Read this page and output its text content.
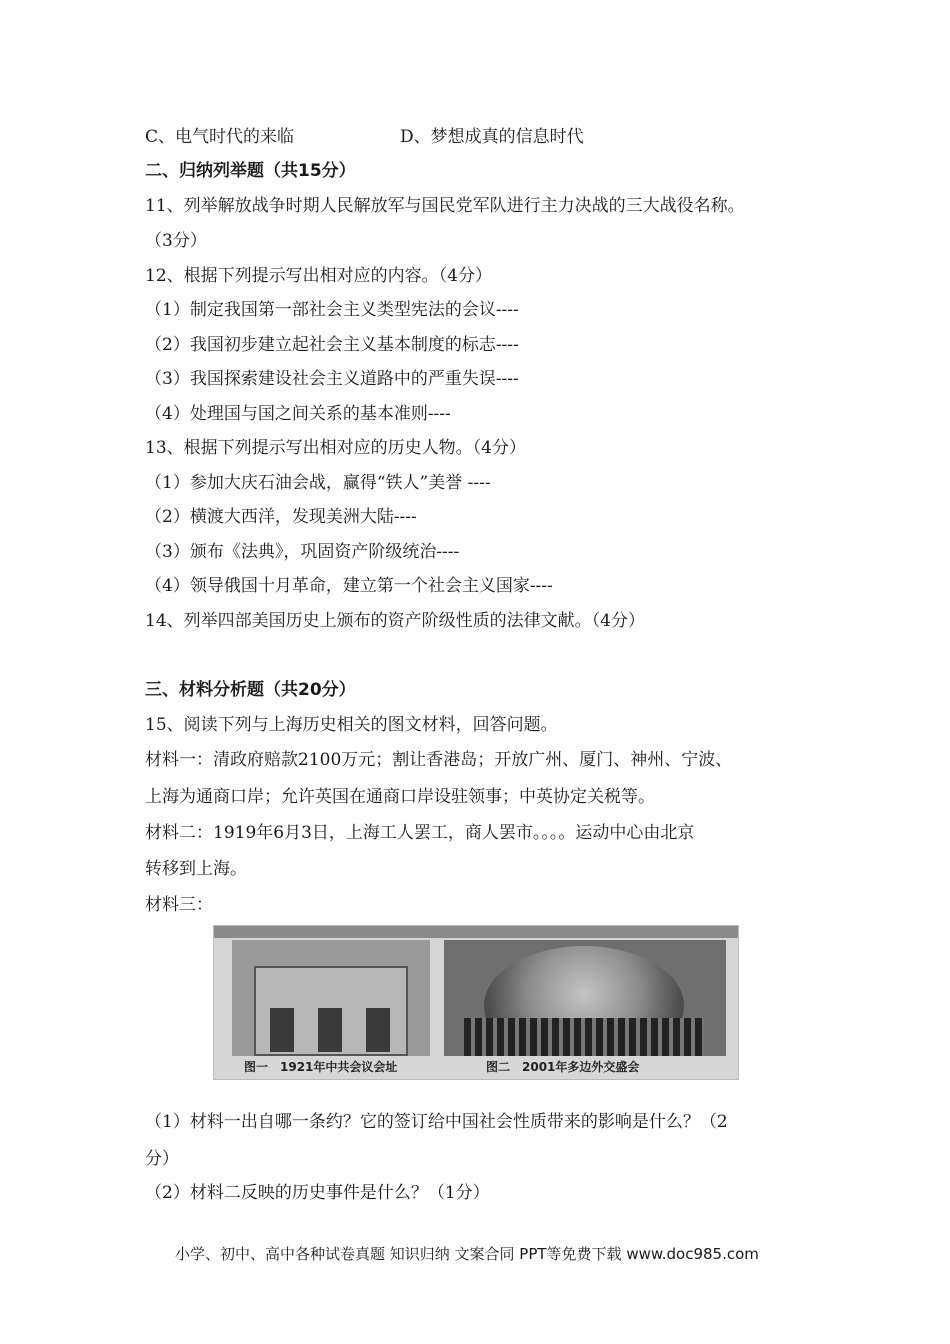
C、电气时代的来临	D、梦想成真的信息时代
二、归纳列举题（共15分）
11、列举解放战争时期人民解放军与国民党军队进行主力决战的三大战役名称。
（3分）
12、根据下列提示写出相对应的内容。（4分）
（1）制定我国第一部社会主义类型宪法的会议----
（2）我国初步建立起社会主义基本制度的标志----
（3）我国探索建设社会主义道路中的严重失误----
（4）处理国与国之间关系的基本准则----
13、根据下列提示写出相对应的历史人物。（4分）
（1）参加大庆石油会战，赢得“铁人”美誉 ----
（2）横渡大西洋，发现美洲大陆----
（3）颁布《法典》，巩固资产阶级统治----
（4）领导俄国十月革命，建立第一个社会主义国家----
14、列举四部美国历史上颁布的资产阶级性质的法律文献。（4分）
三、材料分析题（共20分）
15、阅读下列与上海历史相关的图文材料，回答问题。
材料一：清政府赔款2100万元；割让香港岛；开放广州、厦门、神州、宁波、
上海为通商口岸；允许英国在通商口岸设驻领事；中英协定关税等。
材料二：1919年6月3日，上海工人罢工，商人罢市。。。。运动中心由北京
转移到上海。
材料三：
图一　1921年中共会议会址	图二　2001年多边外交盛会
（1）材料一出自哪一条约？它的签订给中国社会性质带来的影响是什么？（2
分）
（2）材料二反映的历史事件是什么？（1分）
小学、初中、高中各种试卷真题 知识归纳 文案合同 PPT等免费下载 www.doc985.com
